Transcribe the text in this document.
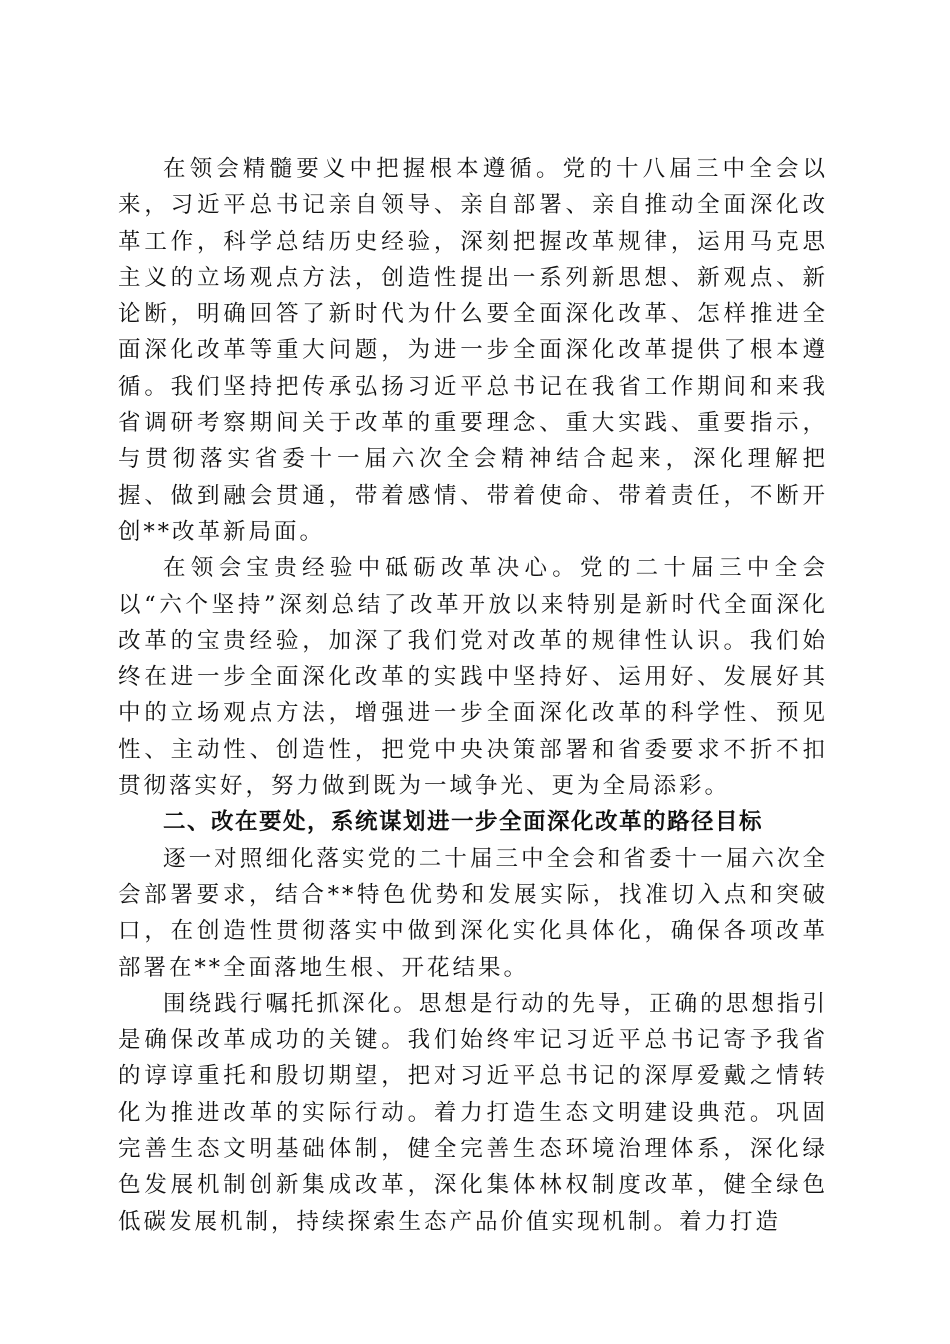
在领会精髓要义中把握根本遵循。党的十八届三中全会以来，习近平总书记亲自领导、亲自部署、亲自推动全面深化改革工作，科学总结历史经验，深刻把握改革规律，运用马克思主义的立场观点方法，创造性提出一系列新思想、新观点、新论断，明确回答了新时代为什么要全面深化改革、怎样推进全面深化改革等重大问题，为进一步全面深化改革提供了根本遵循。我们坚持把传承弘扬习近平总书记在我省工作期间和来我省调研考察期间关于改革的重要理念、重大实践、重要指示，与贯彻落实省委十一届六次全会精神结合起来，深化理解把握、做到融会贯通，带着感情、带着使命、带着责任，不断开创**改革新局面。

在领会宝贵经验中砥砺改革决心。党的二十届三中全会以“六个坚持”深刻总结了改革开放以来特别是新时代全面深化改革的宝贵经验，加深了我们党对改革的规律性认识。我们始终在进一步全面深化改革的实践中坚持好、运用好、发展好其中的立场观点方法，增强进一步全面深化改革的科学性、预见性、主动性、创造性，把党中央决策部署和省委要求不折不扣贯彻落实好，努力做到既为一域争光、更为全局添彩。

二、改在要处，系统谋划进一步全面深化改革的路径目标

逐一对照细化落实党的二十届三中全会和省委十一届六次全会部署要求，结合**特色优势和发展实际，找准切入点和突破口，在创造性贯彻落实中做到深化实化具体化，确保各项改革部署在**全面落地生根、开花结果。

围绕践行嘱托抓深化。思想是行动的先导，正确的思想指引是确保改革成功的关键。我们始终牢记习近平总书记寄予我省的谆谆重托和殷切期望，把对习近平总书记的深厚爱戴之情转化为推进改革的实际行动。着力打造生态文明建设典范。巩固完善生态文明基础体制，健全完善生态环境治理体系，深化绿色发展机制创新集成改革，深化集体林权制度改革，健全绿色低碳发展机制，持续探索生态产品价值实现机制。着力打造
